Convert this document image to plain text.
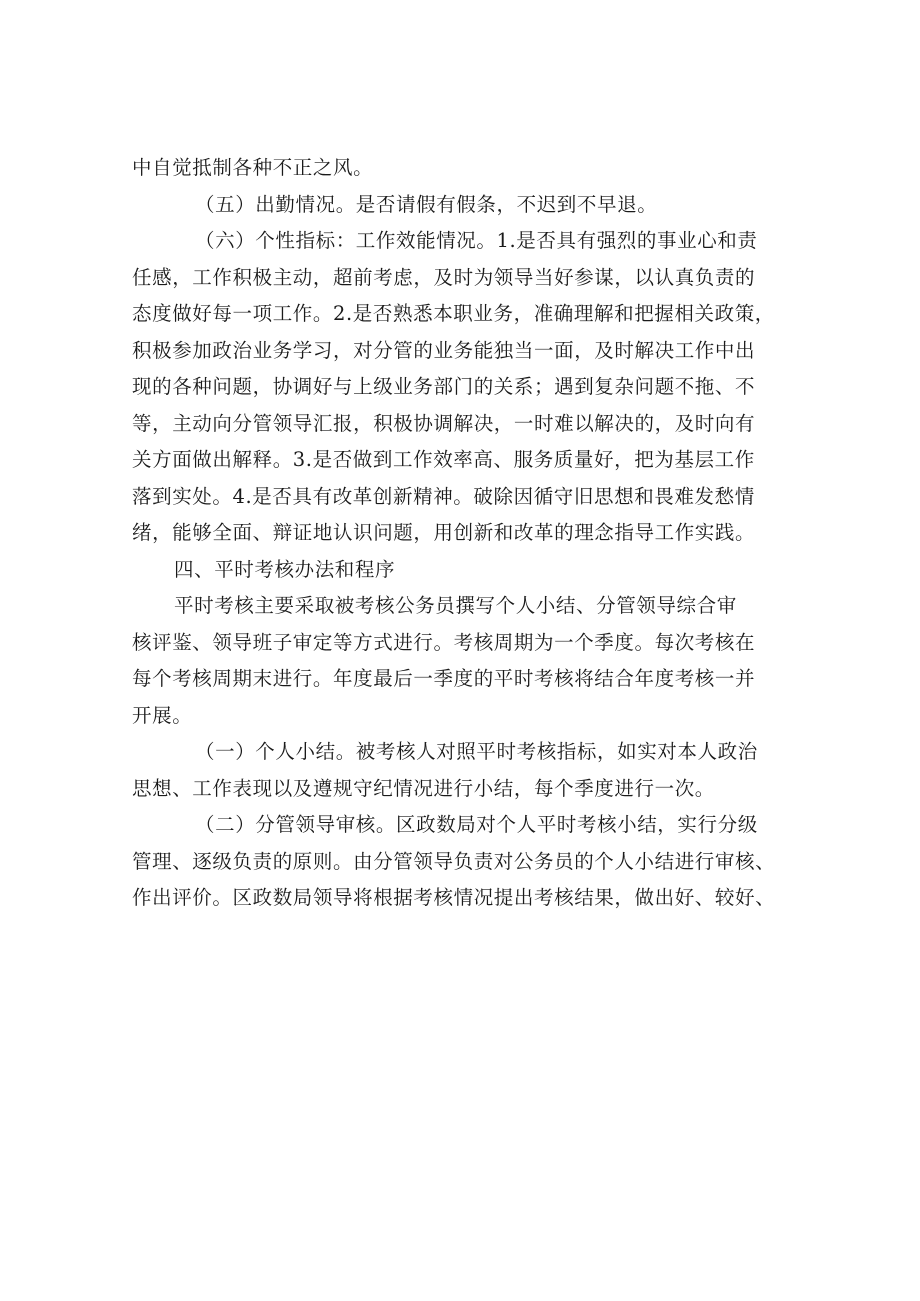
中自觉抵制各种不正之风。
（五）出勤情况。是否请假有假条，不迟到不早退。
（六）个性指标：工作效能情况。1.是否具有强烈的事业心和责
任感，工作积极主动，超前考虑，及时为领导当好参谋，以认真负责的
态度做好每一项工作。2.是否熟悉本职业务，准确理解和把握相关政策，
积极参加政治业务学习，对分管的业务能独当一面，及时解决工作中出
现的各种问题，协调好与上级业务部门的关系；遇到复杂问题不拖、不
等，主动向分管领导汇报，积极协调解决，一时难以解决的，及时向有
关方面做出解释。3.是否做到工作效率高、服务质量好，把为基层工作
落到实处。4.是否具有改革创新精神。破除因循守旧思想和畏难发愁情
绪，能够全面、辩证地认识问题，用创新和改革的理念指导工作实践。
四、平时考核办法和程序
平时考核主要采取被考核公务员撰写个人小结、分管领导综合审
核评鉴、领导班子审定等方式进行。考核周期为一个季度。每次考核在
每个考核周期末进行。年度最后一季度的平时考核将结合年度考核一并
开展。
（一）个人小结。被考核人对照平时考核指标，如实对本人政治
思想、工作表现以及遵规守纪情况进行小结，每个季度进行一次。
（二）分管领导审核。区政数局对个人平时考核小结，实行分级
管理、逐级负责的原则。由分管领导负责对公务员的个人小结进行审核、
作出评价。区政数局领导将根据考核情况提出考核结果，做出好、较好、
